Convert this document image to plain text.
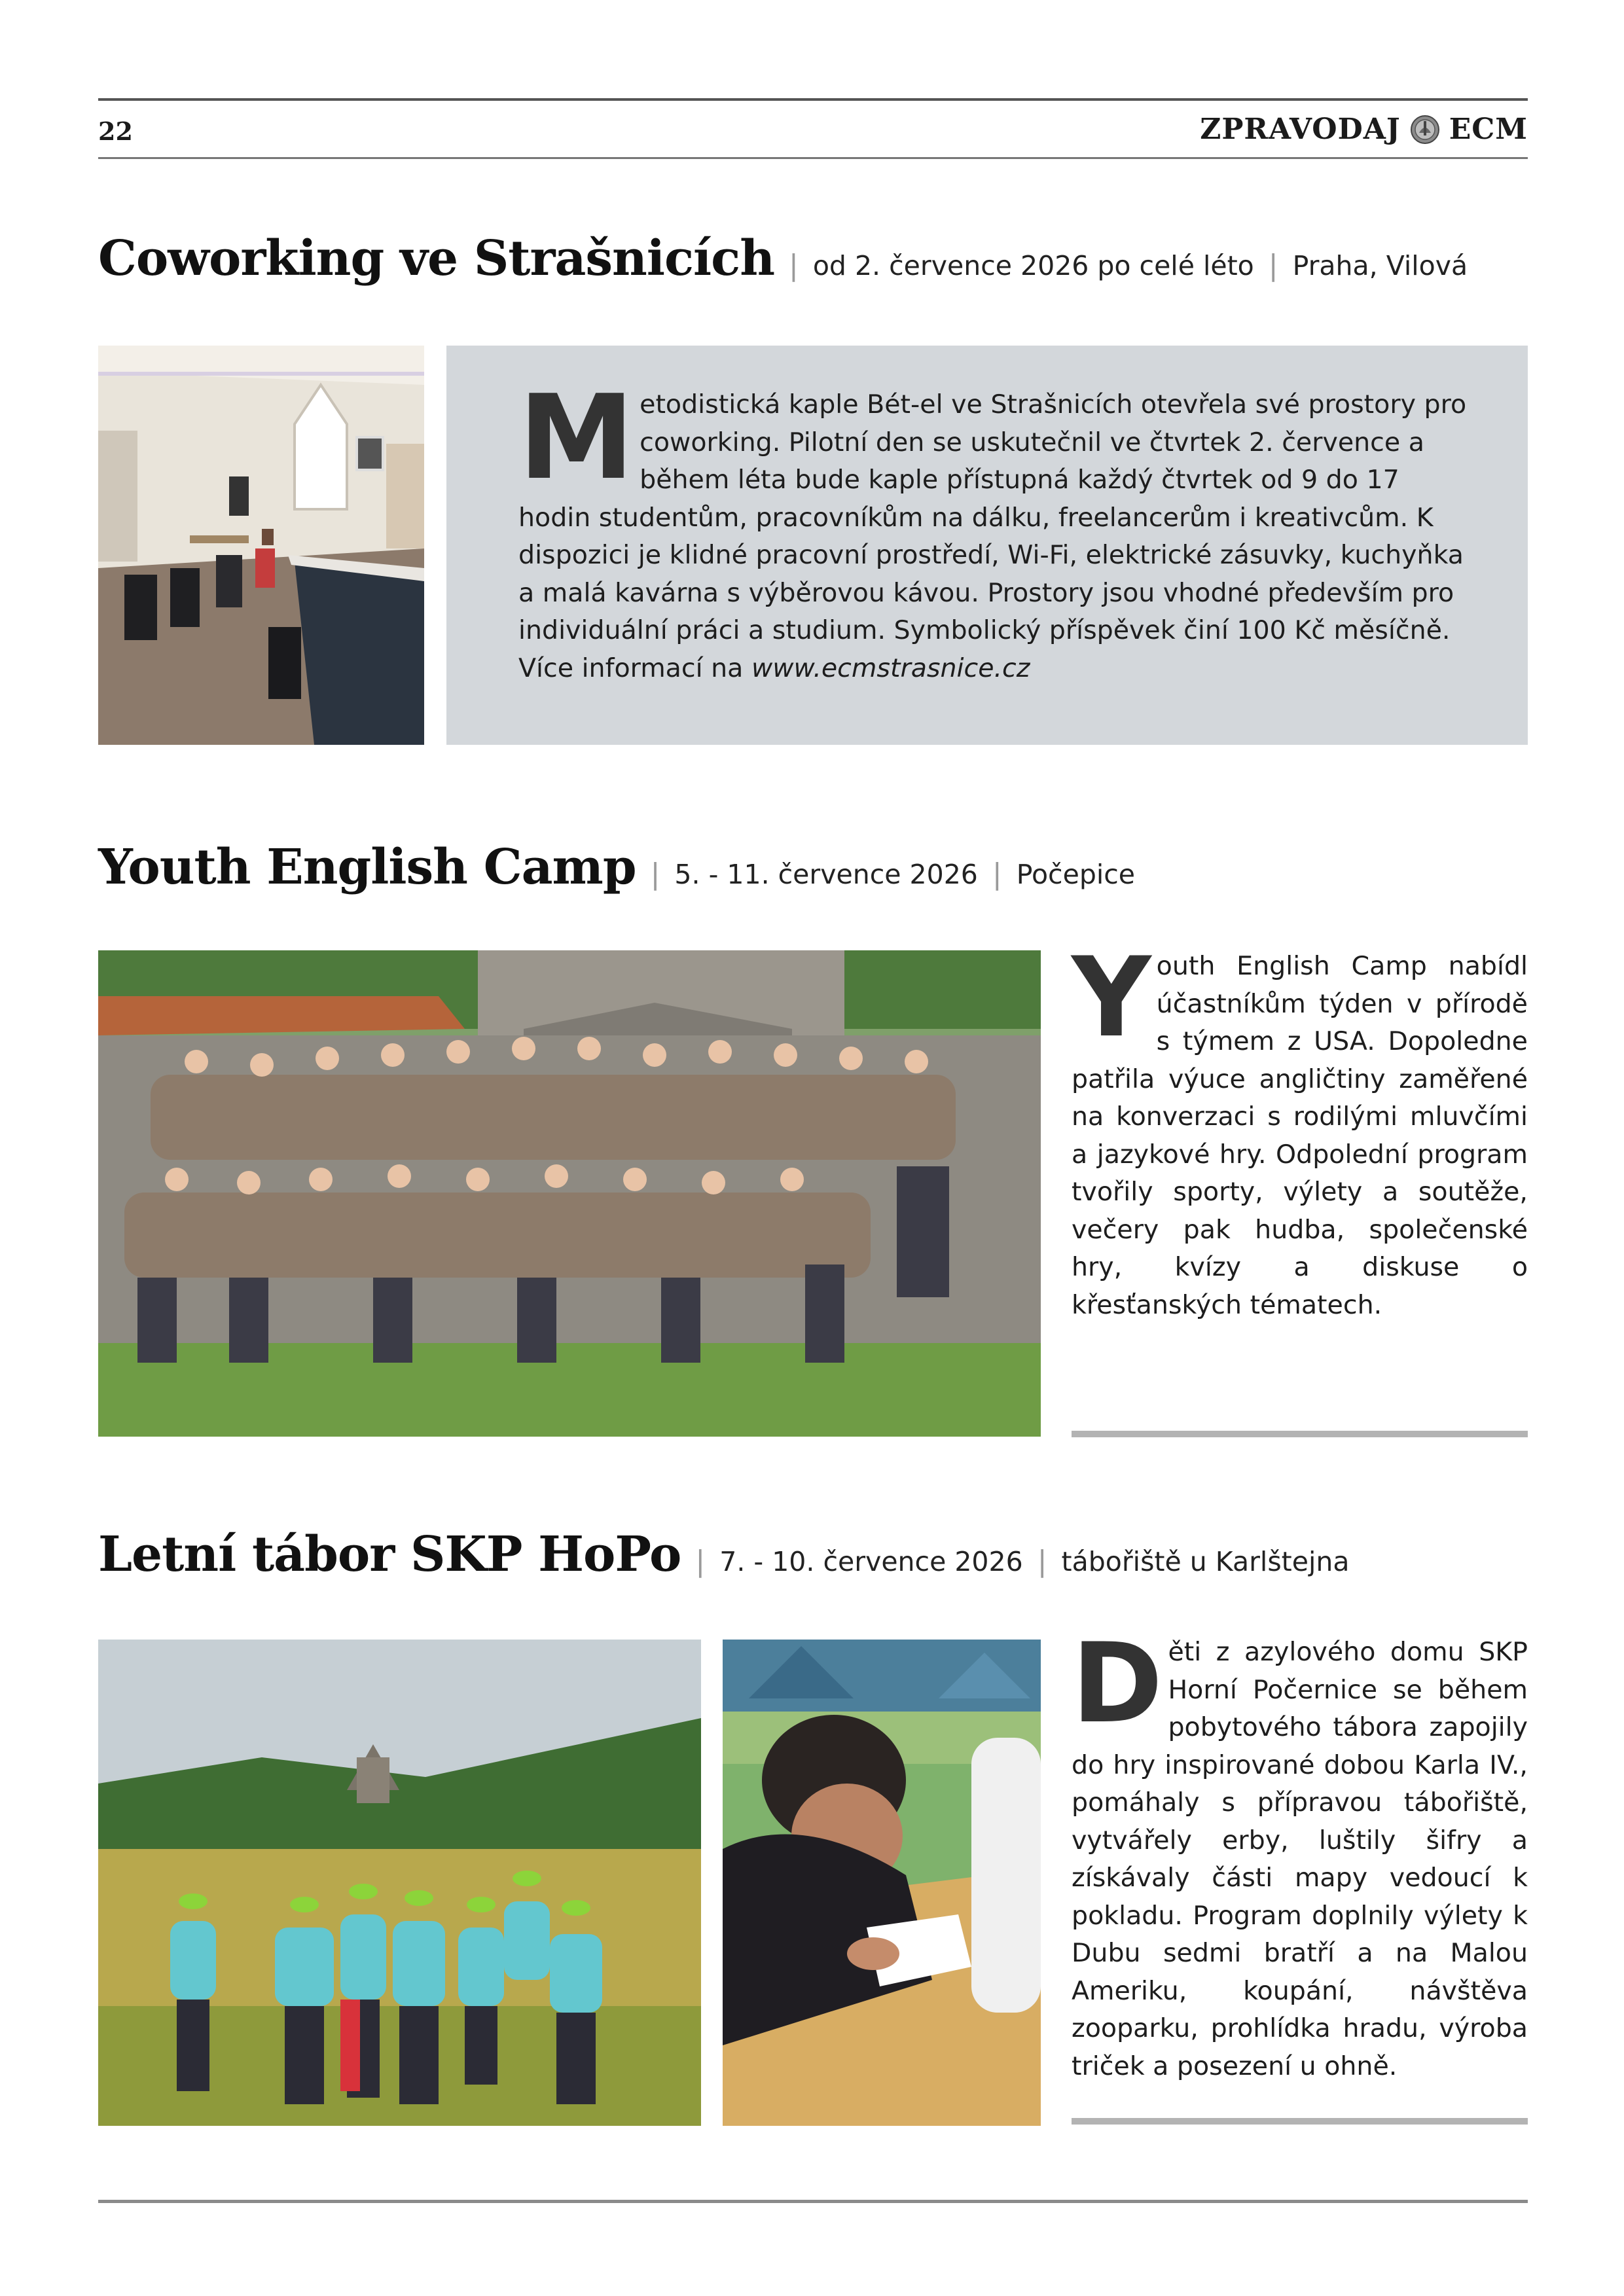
22	ZPRAVODAJ ECM
Coworking ve Strašnicích | od 2. července 2026 po celé léto | Praha, Vilová
M etodistická kaple Bét-el ve Strašnicích otevřela své prostory pro coworking. Pilotní den se uskutečnil ve čtvrtek 2. července a během léta bude kaple přístupná každý čtvrtek od 9 do 17 hodin studentům, pracovníkům na dálku, freelancerům i kreativcům. K dispozici je klidné pracovní prostředí, Wi-Fi, elektrické zásuvky, kuchyňka a malá kavárna s výběrovou kávou. Prostory jsou vhodné především pro individuální práci a studium. Symbolický příspěvek činí 100 Kč měsíčně.
Více informací na www.ecmstrasnice.cz
Youth English Camp | 5. - 11. července 2026 | Počepice
Y outh English Camp nabídl účastníkům týden v přírodě s týmem z USA. Dopoledne patřila výuce angličtiny zaměřené na konverzaci s rodilými mluvčími a jazykové hry. Odpolední program tvořily sporty, výlety a soutěže, večery pak hudba, společenské hry, kvízy a diskuse o křesťanských tématech.
Letní tábor SKP HoPo | 7. - 10. července 2026 | tábořiště u Karlštejna
D ěti z azylového domu SKP Horní Počernice se během pobytového tábora zapojily do hry inspirované dobou Karla IV., pomáhaly s přípravou tábořiště, vytvářely erby, luštily šifry a získávaly části mapy vedoucí k pokladu. Program doplnily výlety k Dubu sedmi bratří a na Malou Ameriku, koupání, návštěva zooparku, prohlídka hradu, výroba triček a posezení u ohně.
